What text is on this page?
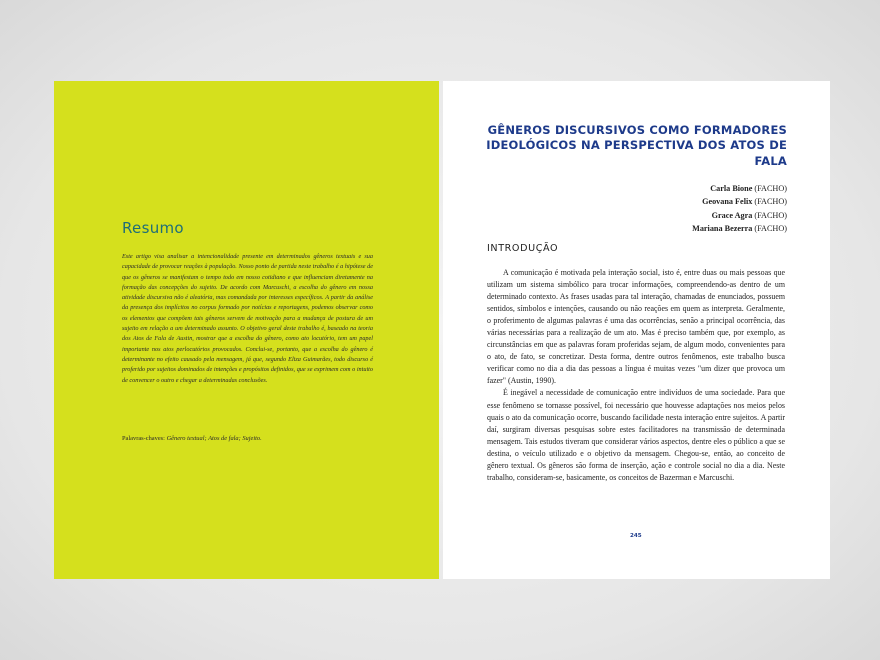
Resumo

Este artigo visa analisar a intencionalidade presente em determinados gêneros textuais e sua capacidade de provocar reações à população. Nosso ponto de partida neste trabalho é a hipótese de que os gêneros se manifestam o tempo todo em nosso cotidiano e que influenciam diretamente na formação das concepções do sujeito. De acordo com Marcuschi, a escolha do gênero em nossa atividade discursiva não é aleatória, mas comandada por interesses específicos. A partir da análise da presença dos implícitos no corpus formado por notícias e reportagens, podemos observar como os elementos que compõem tais gêneros servem de motivação para a mudança de postura de um sujeito em relação a um determinado assunto. O objetivo geral deste trabalho é, baseado na teoria dos Atos de Fala de Austin, mostrar que a escolha do gênero, como ato locutório, tem um papel importante nos atos perlocutórios provocados. Conclui-se, portanto, que a escolha do gênero é determinante no efeito causado pela mensagem, já que, segundo Eliza Guimarães, todo discurso é proferido por sujeitos dominados de intenções e propósitos definidos, que se exprimem com o intuito de convencer o outro e chegar a determinadas conclusões.

Palavras-chaves: Gênero textual; Atos de fala; Sujeito.

GÊNEROS DISCURSIVOS COMO FORMADORES IDEOLÓGICOS NA PERSPECTIVA DOS ATOS DE FALA
Carla Bione (FACHO)
Geovana Felix (FACHO)
Grace Agra (FACHO)
Mariana Bezerra (FACHO)
INTRODUÇÃO

A comunicação é motivada pela interação social, isto é, entre duas ou mais pessoas que utilizam um sistema simbólico para trocar informações, compreendendo-as dentro de um determinado contexto. As frases usadas para tal interação, chamadas de enunciados, possuem sentidos, símbolos e intenções, causando ou não reações em quem as interpreta. Geralmente, o proferimento de algumas palavras é uma das ocorrências, senão a principal ocorrência, das várias necessárias para a realização de um ato. Mas é preciso também que, por exemplo, as circunstâncias em que as palavras foram proferidas sejam, de algum modo, convenientes para o ato, de fato, se concretizar. Desta forma, dentre outros fenômenos, este trabalho busca verificar como no dia a dia das pessoas a língua é muitas vezes "um dizer que provoca um fazer" (Austin, 1990).

É inegável a necessidade de comunicação entre indivíduos de uma sociedade. Para que esse fenômeno se tornasse possível, foi necessário que houvesse adaptações nos meios pelos quais o ato da comunicação ocorre, buscando facilidade nesta interação entre sujeitos. A partir daí, surgiram diversas pesquisas sobre estes facilitadores na transmissão de determinada mensagem. Tais estudos tiveram que considerar vários aspectos, dentre eles o público a que se destina, o veículo utilizado e o objetivo da mensagem. Chegou-se, então, ao conceito de gênero textual. Os gêneros são forma de inserção, ação e controle social no dia a dia. Neste trabalho, consideram-se, basicamente, os conceitos de Bazerman e Marcuschi.

245
